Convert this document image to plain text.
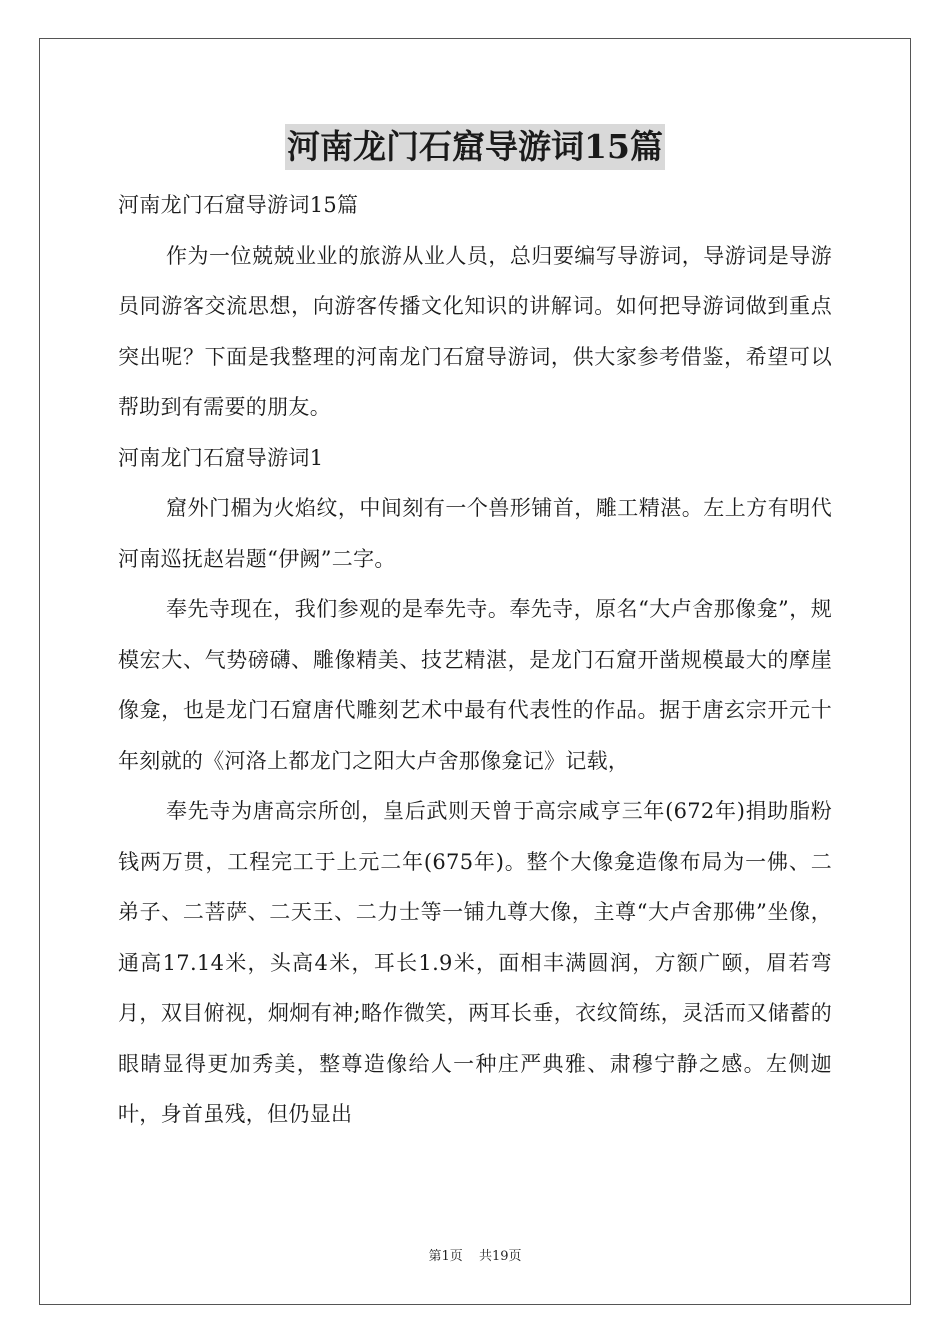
河南龙门石窟导游词15篇

河南龙门石窟导游词15篇

作为一位兢兢业业的旅游从业人员，总归要编写导游词，导游词是导游员同游客交流思想，向游客传播文化知识的讲解词。如何把导游词做到重点突出呢？下面是我整理的河南龙门石窟导游词，供大家参考借鉴，希望可以帮助到有需要的朋友。

河南龙门石窟导游词1

窟外门楣为火焰纹，中间刻有一个兽形铺首，雕工精湛。左上方有明代河南巡抚赵岩题“伊阙”二字。

奉先寺现在，我们参观的是奉先寺。奉先寺，原名“大卢舍那像龛”，规模宏大、气势磅礴、雕像精美、技艺精湛，是龙门石窟开凿规模最大的摩崖像龛，也是龙门石窟唐代雕刻艺术中最有代表性的作品。据于唐玄宗开元十年刻就的《河洛上都龙门之阳大卢舍那像龛记》记载，

奉先寺为唐高宗所创，皇后武则天曾于高宗咸亨三年(672年)捐助脂粉钱两万贯，工程完工于上元二年(675年)。整个大像龛造像布局为一佛、二弟子、二菩萨、二天王、二力士等一铺九尊大像，主尊“大卢舍那佛”坐像，通高17.14米，头高4米，耳长1.9米，面相丰满圆润，方额广颐，眉若弯月，双目俯视，炯炯有神;略作微笑，两耳长垂，衣纹简练，灵活而又储蓄的眼睛显得更加秀美，整尊造像给人一种庄严典雅、肃穆宁静之感。左侧迦叶，身首虽残，但仍显出

第1页 共19页
